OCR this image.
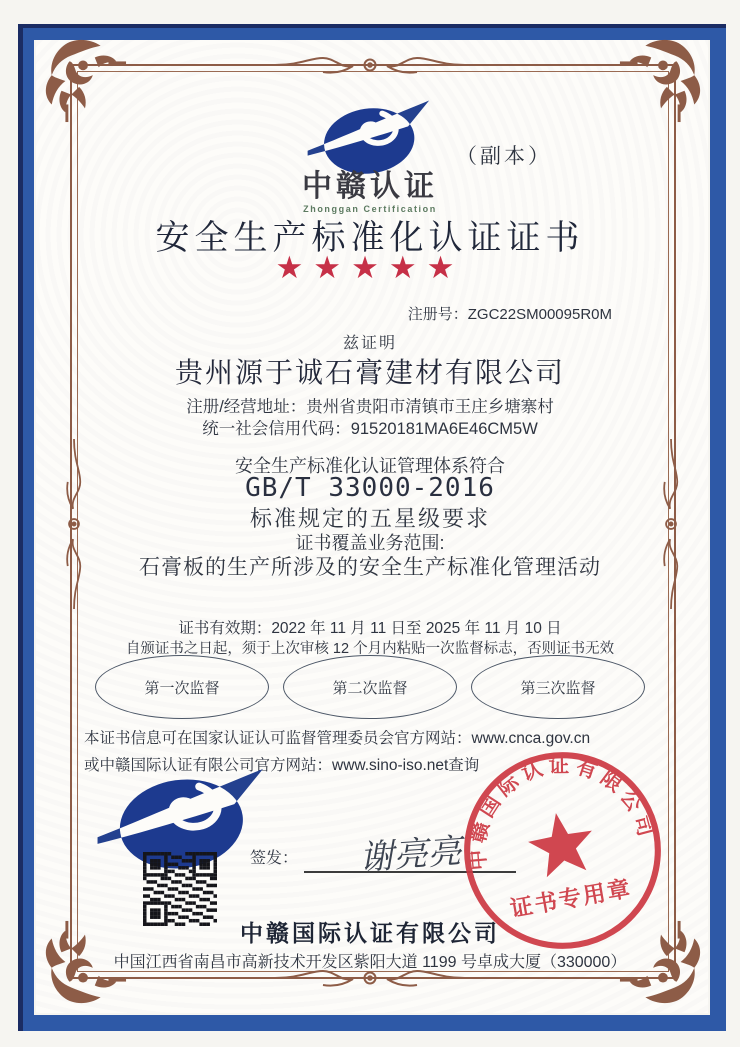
中赣认证
Zhonggan Certification
（副本）
安全生产标准化认证证书
★★★★★
注册号：ZGC22SM00095R0M
兹证明
贵州源于诚石膏建材有限公司
注册/经营地址：贵州省贵阳市清镇市王庄乡塘寨村
统一社会信用代码：91520181MA6E46CM5W
安全生产标准化认证管理体系符合
GB/T 33000-2016
标准规定的五星级要求
证书覆盖业务范围:
石膏板的生产所涉及的安全生产标准化管理活动
证书有效期：2022 年 11 月 11 日至 2025 年 11 月 10 日
自颁证书之日起，须于上次审核 12 个月内粘贴一次监督标志，否则证书无效
第一次监督	第二次监督	第三次监督
本证书信息可在国家认证认可监督管理委员会官方网站：www.cnca.gov.cn
或中赣国际认证有限公司官方网站：www.sino-iso.net查询
签发：	谢亮亮 中赣国际认证有限公司
证书专用章
中赣国际认证有限公司
中国江西省南昌市高新技术开发区紫阳大道 1199 号卓成大厦（330000）
